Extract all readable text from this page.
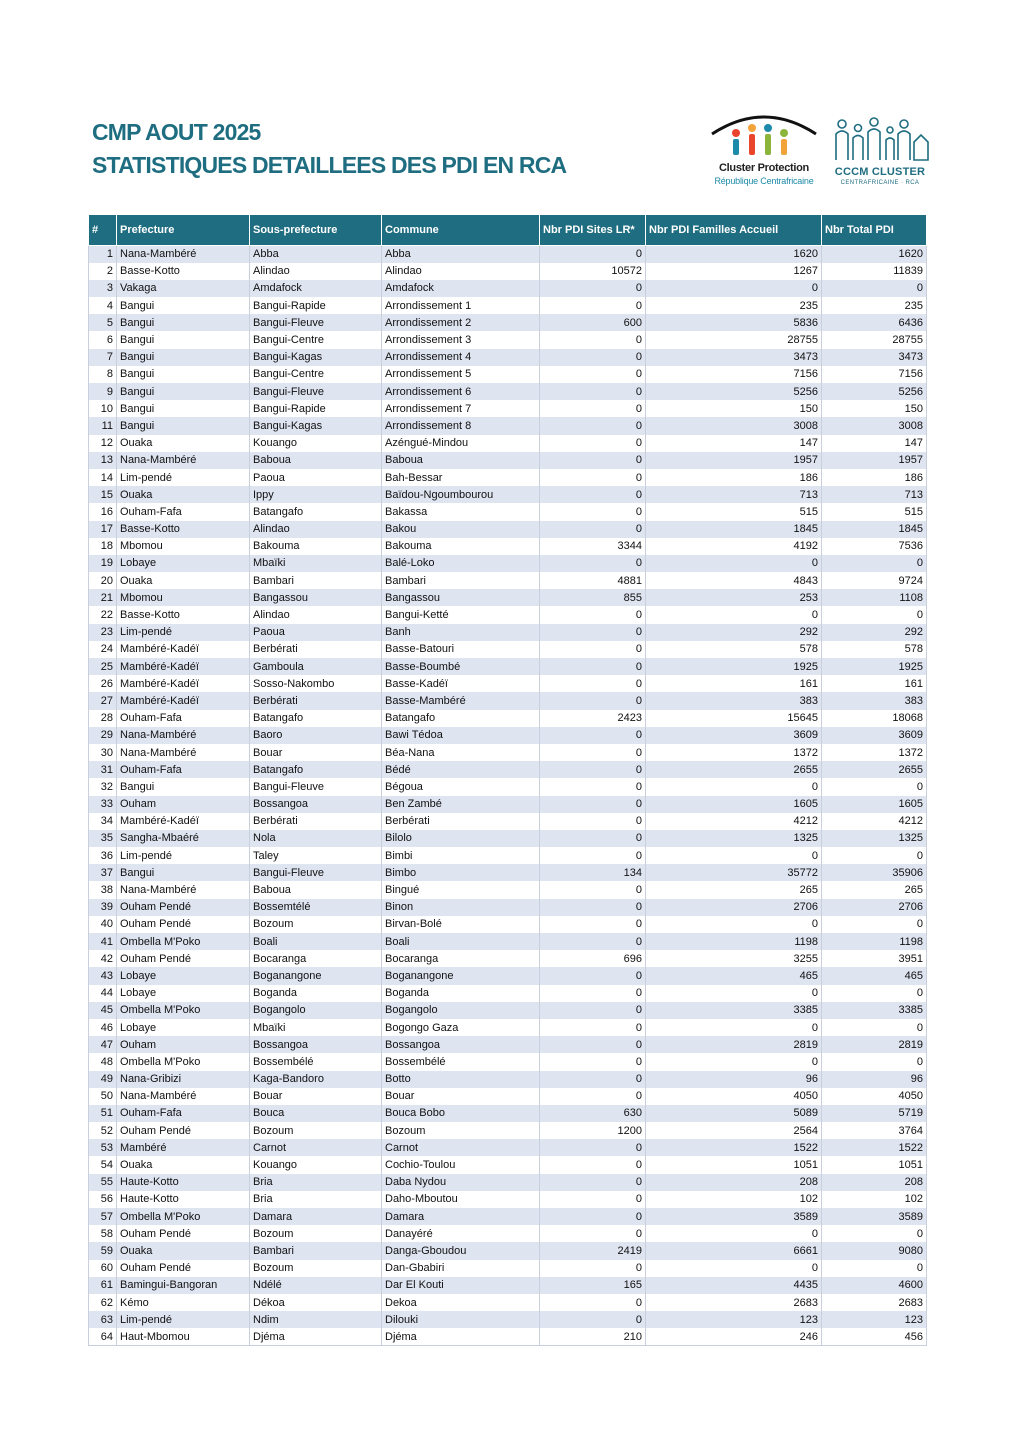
CMP AOUT 2025
STATISTIQUES DETAILLEES DES PDI EN RCA	Cluster Protection
République Centrafricaine
CCCM CLUSTER
CENTRAFRICAINE · RCA
#	Prefecture	Sous-prefecture	Commune	Nbr PDI Sites LR*	Nbr PDI Familles Accueil	Nbr Total PDI
1	Nana-Mambéré	Abba	Abba	0	1620	1620
2	Basse-Kotto	Alindao	Alindao	10572	1267	11839
3	Vakaga	Amdafock	Amdafock	0	0	0
4	Bangui	Bangui-Rapide	Arrondissement 1	0	235	235
5	Bangui	Bangui-Fleuve	Arrondissement 2	600	5836	6436
6	Bangui	Bangui-Centre	Arrondissement 3	0	28755	28755
7	Bangui	Bangui-Kagas	Arrondissement 4	0	3473	3473
8	Bangui	Bangui-Centre	Arrondissement 5	0	7156	7156
9	Bangui	Bangui-Fleuve	Arrondissement 6	0	5256	5256
10	Bangui	Bangui-Rapide	Arrondissement 7	0	150	150
11	Bangui	Bangui-Kagas	Arrondissement 8	0	3008	3008
12	Ouaka	Kouango	Azéngué-Mindou	0	147	147
13	Nana-Mambéré	Baboua	Baboua	0	1957	1957
14	Lim-pendé	Paoua	Bah-Bessar	0	186	186
15	Ouaka	Ippy	Baïdou-Ngoumbourou	0	713	713
16	Ouham-Fafa	Batangafo	Bakassa	0	515	515
17	Basse-Kotto	Alindao	Bakou	0	1845	1845
18	Mbomou	Bakouma	Bakouma	3344	4192	7536
19	Lobaye	Mbaïki	Balé-Loko	0	0	0
20	Ouaka	Bambari	Bambari	4881	4843	9724
21	Mbomou	Bangassou	Bangassou	855	253	1108
22	Basse-Kotto	Alindao	Bangui-Ketté	0	0	0
23	Lim-pendé	Paoua	Banh	0	292	292
24	Mambéré-Kadéï	Berbérati	Basse-Batouri	0	578	578
25	Mambéré-Kadéï	Gamboula	Basse-Boumbé	0	1925	1925
26	Mambéré-Kadéï	Sosso-Nakombo	Basse-Kadéï	0	161	161
27	Mambéré-Kadéï	Berbérati	Basse-Mambéré	0	383	383
28	Ouham-Fafa	Batangafo	Batangafo	2423	15645	18068
29	Nana-Mambéré	Baoro	Bawi Tédoa	0	3609	3609
30	Nana-Mambéré	Bouar	Béa-Nana	0	1372	1372
31	Ouham-Fafa	Batangafo	Bédé	0	2655	2655
32	Bangui	Bangui-Fleuve	Bégoua	0	0	0
33	Ouham	Bossangoa	Ben Zambé	0	1605	1605
34	Mambéré-Kadéï	Berbérati	Berbérati	0	4212	4212
35	Sangha-Mbaéré	Nola	Bilolo	0	1325	1325
36	Lim-pendé	Taley	Bimbi	0	0	0
37	Bangui	Bangui-Fleuve	Bimbo	134	35772	35906
38	Nana-Mambéré	Baboua	Bingué	0	265	265
39	Ouham Pendé	Bossemtélé	Binon	0	2706	2706
40	Ouham Pendé	Bozoum	Birvan-Bolé	0	0	0
41	Ombella M'Poko	Boali	Boali	0	1198	1198
42	Ouham Pendé	Bocaranga	Bocaranga	696	3255	3951
43	Lobaye	Boganangone	Boganangone	0	465	465
44	Lobaye	Boganda	Boganda	0	0	0
45	Ombella M'Poko	Bogangolo	Bogangolo	0	3385	3385
46	Lobaye	Mbaïki	Bogongo Gaza	0	0	0
47	Ouham	Bossangoa	Bossangoa	0	2819	2819
48	Ombella M'Poko	Bossembélé	Bossembélé	0	0	0
49	Nana-Gribizi	Kaga-Bandoro	Botto	0	96	96
50	Nana-Mambéré	Bouar	Bouar	0	4050	4050
51	Ouham-Fafa	Bouca	Bouca Bobo	630	5089	5719
52	Ouham Pendé	Bozoum	Bozoum	1200	2564	3764
53	Mambéré	Carnot	Carnot	0	1522	1522
54	Ouaka	Kouango	Cochio-Toulou	0	1051	1051
55	Haute-Kotto	Bria	Daba Nydou	0	208	208
56	Haute-Kotto	Bria	Daho-Mboutou	0	102	102
57	Ombella M'Poko	Damara	Damara	0	3589	3589
58	Ouham Pendé	Bozoum	Danayéré	0	0	0
59	Ouaka	Bambari	Danga-Gboudou	2419	6661	9080
60	Ouham Pendé	Bozoum	Dan-Gbabiri	0	0	0
61	Bamingui-Bangoran	Ndélé	Dar El Kouti	165	4435	4600
62	Kémo	Dékoa	Dekoa	0	2683	2683
63	Lim-pendé	Ndim	Dilouki	0	123	123
64	Haut-Mbomou	Djéma	Djéma	210	246	456
